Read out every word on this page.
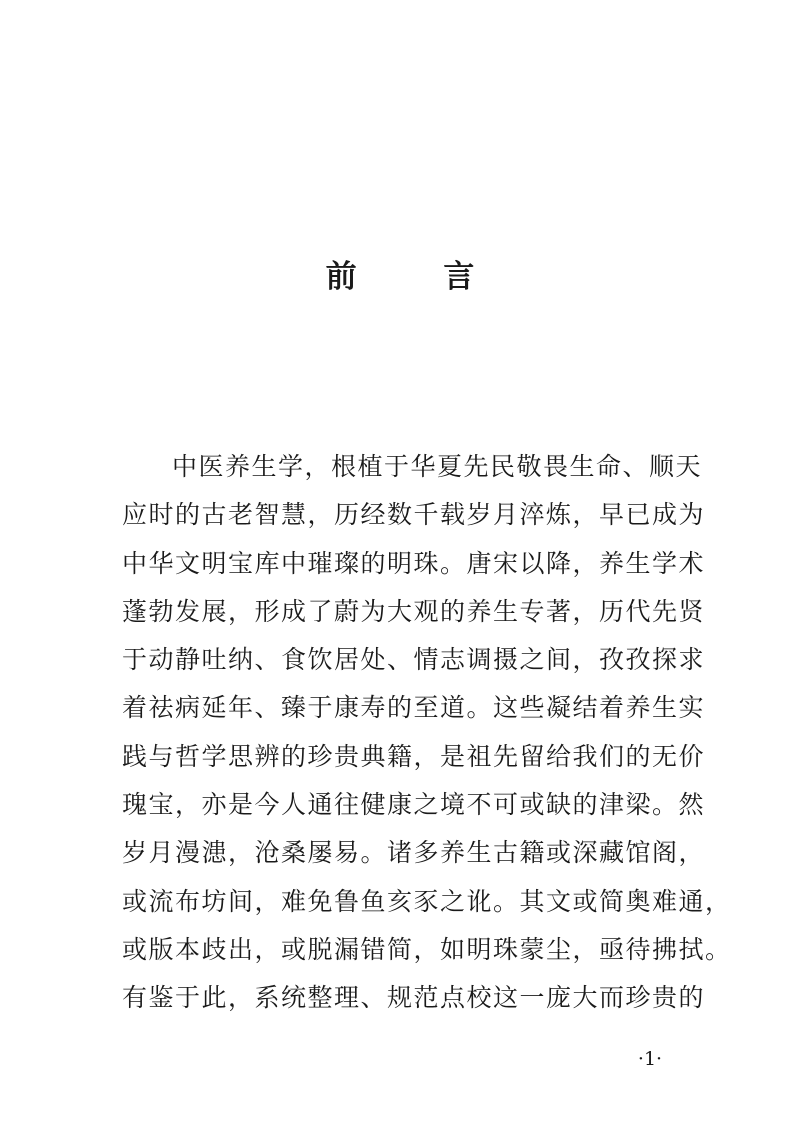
前 言
中医养生学，根植于华夏先民敬畏生命、顺天
应时的古老智慧，历经数千载岁月淬炼，早已成为
中华文明宝库中璀璨的明珠。唐宋以降，养生学术
蓬勃发展，形成了蔚为大观的养生专著，历代先贤
于动静吐纳、食饮居处、情志调摄之间，孜孜探求
着祛病延年、臻于康寿的至道。这些凝结着养生实
践与哲学思辨的珍贵典籍，是祖先留给我们的无价
瑰宝，亦是今人通往健康之境不可或缺的津梁。然
岁月漫漶，沧桑屡易。诸多养生古籍或深藏馆阁，
或流布坊间，难免鲁鱼亥豕之讹。其文或简奥难通，
或版本歧出，或脱漏错简，如明珠蒙尘，亟待拂拭。
有鉴于此，系统整理、规范点校这一庞大而珍贵的
·1·
